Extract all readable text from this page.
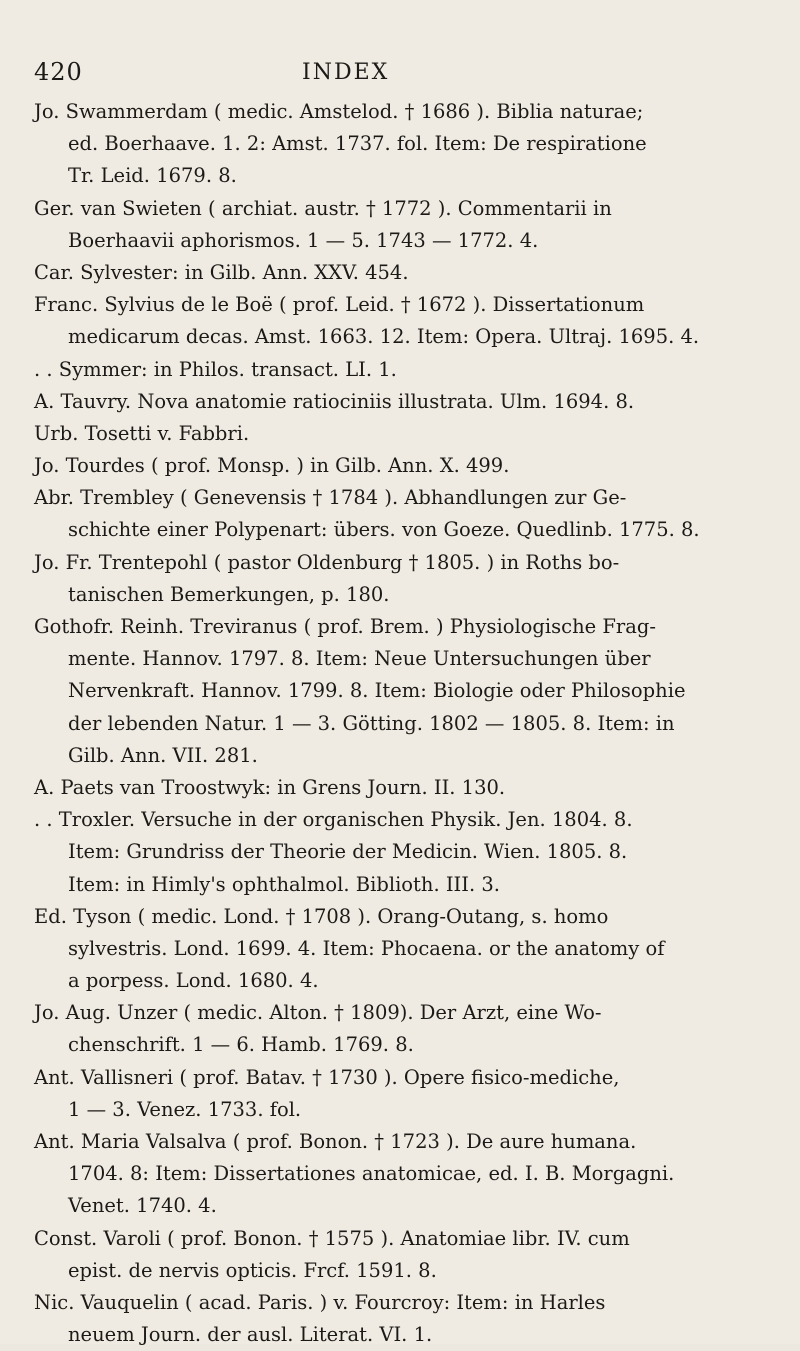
420	INDEX
Jo. Swammerdam ( medic. Amstelod. † 1686 ). Biblia naturae;
ed. Boerhaave. 1. 2: Amst. 1737. fol. Item: De respiratione
Tr. Leid. 1679. 8.
Ger. van Swieten ( archiat. austr. † 1772 ). Commentarii in
Boerhaavii aphorismos. 1 — 5. 1743 — 1772. 4.
Car. Sylvester: in Gilb. Ann. XXV. 454.
Franc. Sylvius de le Boë ( prof. Leid. † 1672 ). Dissertationum
medicarum decas. Amst. 1663. 12. Item: Opera. Ultraj. 1695. 4.
. . Symmer: in Philos. transact. LI. 1.
A. Tauvry. Nova anatomie ratiociniis illustrata. Ulm. 1694. 8.
Urb. Tosetti v. Fabbri.
Jo. Tourdes ( prof. Monsp. ) in Gilb. Ann. X. 499.
Abr. Trembley ( Genevensis † 1784 ). Abhandlungen zur Ge-
schichte einer Polypenart: übers. von Goeze. Quedlinb. 1775. 8.
Jo. Fr. Trentepohl ( pastor Oldenburg † 1805. ) in Roths bo-
tanischen Bemerkungen, p. 180.
Gothofr. Reinh. Treviranus ( prof. Brem. ) Physiologische Frag-
mente. Hannov. 1797. 8. Item: Neue Untersuchungen über
Nervenkraft. Hannov. 1799. 8. Item: Biologie oder Philosophie
der lebenden Natur. 1 — 3. Götting. 1802 — 1805. 8. Item: in
Gilb. Ann. VII. 281.
A. Paets van Troostwyk: in Grens Journ. II. 130.
. . Troxler. Versuche in der organischen Physik. Jen. 1804. 8.
Item: Grundriss der Theorie der Medicin. Wien. 1805. 8.
Item: in Himly's ophthalmol. Biblioth. III. 3.
Ed. Tyson ( medic. Lond. † 1708 ). Orang-Outang, s. homo
sylvestris. Lond. 1699. 4. Item: Phocaena. or the anatomy of
a porpess. Lond. 1680. 4.
Jo. Aug. Unzer ( medic. Alton. † 1809). Der Arzt, eine Wo-
chenschrift. 1 — 6. Hamb. 1769. 8.
Ant. Vallisneri ( prof. Batav. † 1730 ). Opere fisico-mediche,
1 — 3. Venez. 1733. fol.
Ant. Maria Valsalva ( prof. Bonon. † 1723 ). De aure humana.
1704. 8: Item: Dissertationes anatomicae, ed. I. B. Morgagni.
Venet. 1740. 4.
Const. Varoli ( prof. Bonon. † 1575 ). Anatomiae libr. IV. cum
epist. de nervis opticis. Frcf. 1591. 8.
Nic. Vauquelin ( acad. Paris. ) v. Fourcroy: Item: in Harles
neuem Journ. der ausl. Literat. VI. 1.
